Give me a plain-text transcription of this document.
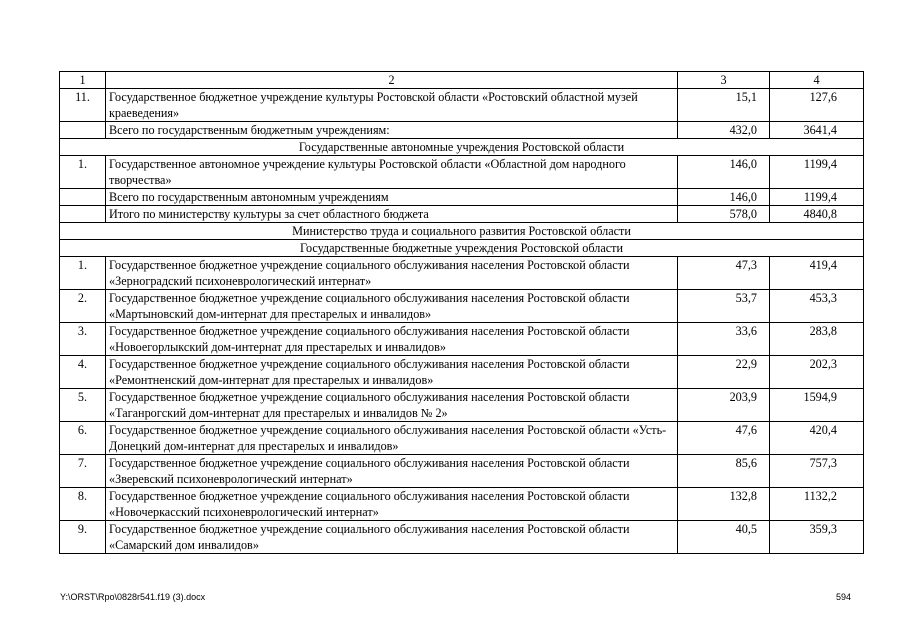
1	2	3	4
11.	Государственное бюджетное учреждение культуры Ростовской области «Ростовский областной музей краеведения»	15,1	127,6
	Всего по государственным бюджетным учреждениям:	432,0	3641,4
Государственные автономные учреждения Ростовской области			
1.	Государственное автономное учреждение культуры Ростовской области «Областной дом народного творчества»	146,0	1199,4
	Всего по государственным автономным учреждениям	146,0	1199,4
	Итого по министерству культуры за счет областного бюджета	578,0	4840,8
Министерство труда и социального развития Ростовской области			
Государственные бюджетные учреждения Ростовской области			
1.	Государственное бюджетное учреждение социального обслуживания населения Ростовской области «Зерноградский психоневрологический интернат»	47,3	419,4
2.	Государственное бюджетное учреждение социального обслуживания населения Ростовской области «Мартыновский дом-интернат для престарелых и инвалидов»	53,7	453,3
3.	Государственное бюджетное учреждение социального обслуживания населения Ростовской области «Новоегорлыкский дом-интернат для престарелых и инвалидов»	33,6	283,8
4.	Государственное бюджетное учреждение социального обслуживания населения Ростовской области «Ремонтненский дом-интернат для престарелых и инвалидов»	22,9	202,3
5.	Государственное бюджетное учреждение социального обслуживания населения Ростовской области «Таганрогский дом-интернат для престарелых и инвалидов № 2»	203,9	1594,9
6.	Государственное бюджетное учреждение социального обслуживания населения Ростовской области «Усть-Донецкий дом-интернат для престарелых и инвалидов»	47,6	420,4
7.	Государственное бюджетное учреждение социального обслуживания населения Ростовской области «Зверевский психоневрологический интернат»	85,6	757,3
8.	Государственное бюджетное учреждение социального обслуживания населения Ростовской области «Новочеркасский психоневрологический интернат»	132,8	1132,2
9.	Государственное бюджетное учреждение социального обслуживания населения Ростовской области «Самарский дом инвалидов»	40,5	359,3
Y:\ORST\Rpo\0828r541.f19 (3).docx	594
